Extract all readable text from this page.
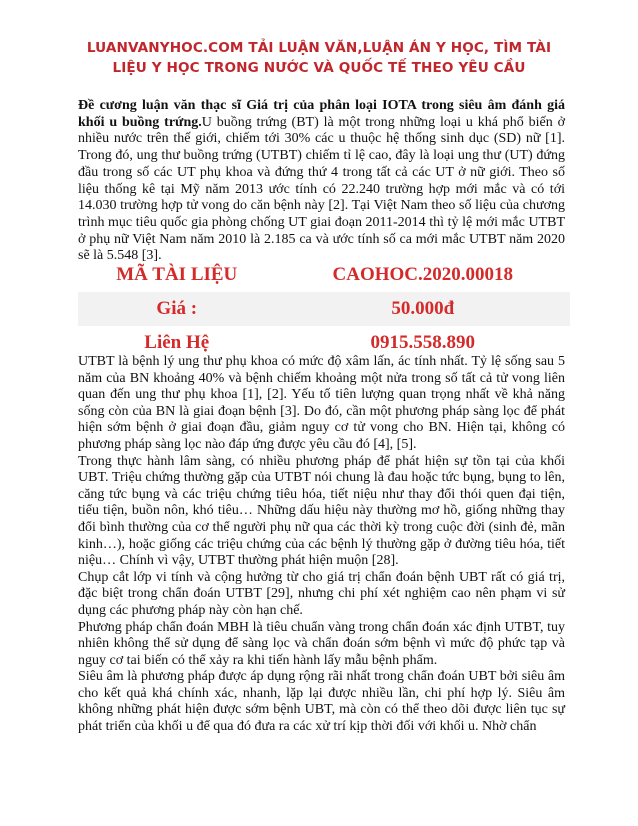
LUANVANYHOC.COM TẢI LUẬN VĂN,LUẬN ÁN Y HỌC, TÌM TÀI
LIỆU Y HỌC TRONG NƯỚC VÀ QUỐC TẾ THEO YÊU CẦU
Đề cương luận văn thạc sĩ Giá trị của phân loại IOTA trong siêu âm đánh giá khối u buồng trứng.U buồng trứng (BT) là một trong những loại u khá phổ biến ở nhiều nước trên thế giới, chiếm tới 30% các u thuộc hệ thống sinh dục (SD) nữ [1]. Trong đó, ung thư buồng trứng (UTBT) chiếm tỉ lệ cao, đây là loại ung thư (UT) đứng đầu trong số các UT phụ khoa và đứng thứ 4 trong tất cả các UT ở nữ giới. Theo số liệu thống kê tại Mỹ năm 2013 ước tính có 22.240 trường hợp mới mắc và có tới 14.030 trường hợp tử vong do căn bệnh này [2]. Tại Việt Nam theo số liệu của chương trình mục tiêu quốc gia phòng chống UT giai đoạn 2011-2014 thì tỷ lệ mới mắc UTBT ở phụ nữ Việt Nam năm 2010 là 2.185 ca và ước tính số ca mới mắc UTBT năm 2020 sẽ là 5.548 [3].
MÃ TÀI LIỆU	CAOHOC.2020.00018
Giá :	50.000đ
Liên Hệ	0915.558.890

UTBT là bệnh lý ung thư phụ khoa có mức độ xâm lấn, ác tính nhất. Tỷ lệ sống sau 5 năm của BN khoảng 40% và bệnh chiếm khoảng một nửa trong số tất cả tử vong liên quan đến ung thư phụ khoa [1], [2]. Yếu tố tiên lượng quan trọng nhất về khả năng sống còn của BN là giai đoạn bệnh [3]. Do đó, cần một phương pháp sàng lọc để phát hiện sớm bệnh ở giai đoạn đầu, giảm nguy cơ tử vong cho BN. Hiện tại, không có phương pháp sàng lọc nào đáp ứng được yêu cầu đó [4], [5].

Trong thực hành lâm sàng, có nhiều phương pháp để phát hiện sự tồn tại của khối UBT. Triệu chứng thường gặp của UTBT nói chung là đau hoặc tức bụng, bụng to lên, căng tức bụng và các triệu chứng tiêu hóa, tiết niệu như thay đổi thói quen đại tiện, tiểu tiện, buồn nôn, khó tiêu… Những dấu hiệu này thường mơ hồ, giống những thay đổi bình thường của cơ thể người phụ nữ qua các thời kỳ trong cuộc đời (sinh đẻ, mãn kinh…), hoặc giống các triệu chứng của các bệnh lý thường gặp ở đường tiêu hóa, tiết niệu… Chính vì vậy, UTBT thường phát hiện muộn [28].

Chụp cắt lớp vi tính và cộng hưởng từ cho giá trị chẩn đoán bệnh UBT rất có giá trị, đặc biệt trong chẩn đoán UTBT [29], nhưng chi phí xét nghiệm cao nên phạm vi sử dụng các phương pháp này còn hạn chế.

Phương pháp chẩn đoán MBH là tiêu chuẩn vàng trong chẩn đoán xác định UTBT, tuy nhiên không thể sử dụng để sàng lọc và chẩn đoán sớm bệnh vì mức độ phức tạp và nguy cơ tai biến có thể xảy ra khi tiến hành lấy mẫu bệnh phẩm.

Siêu âm là phương pháp được áp dụng rộng rãi nhất trong chẩn đoán UBT bởi siêu âm cho kết quả khá chính xác, nhanh, lặp lại được nhiều lần, chi phí hợp lý. Siêu âm không những phát hiện được sớm bệnh UBT, mà còn có thể theo dõi được liên tục sự phát triển của khối u để qua đó đưa ra các xử trí kịp thời đối với khối u. Nhờ chẩn
